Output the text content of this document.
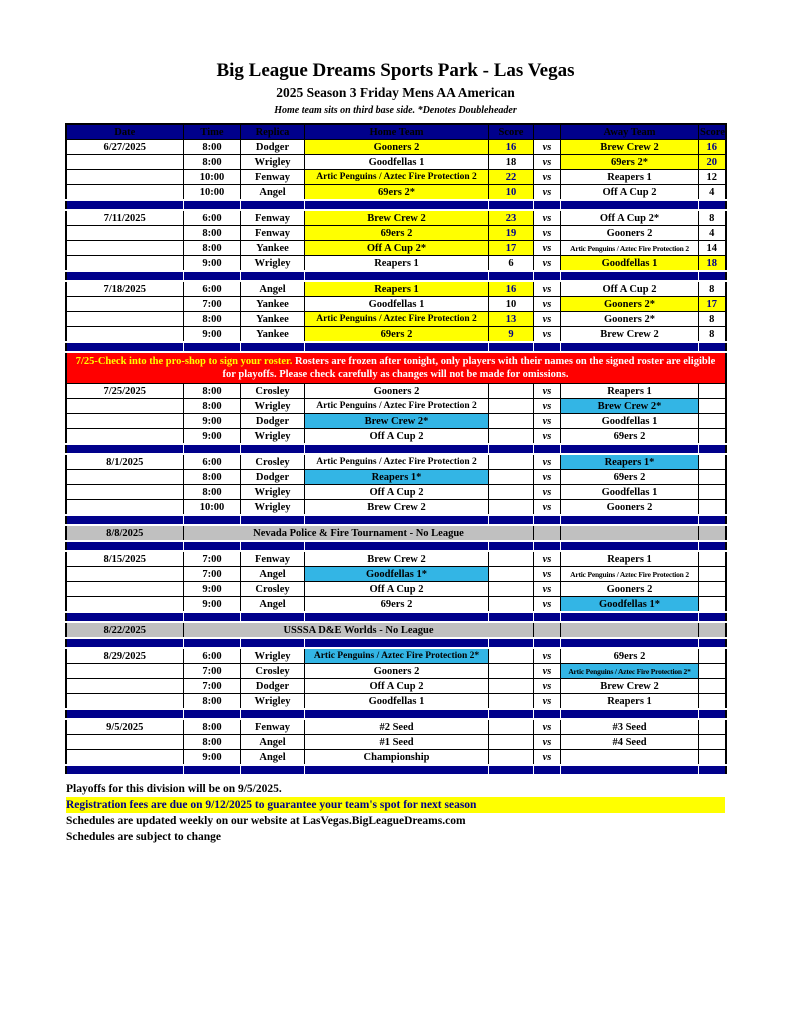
Big League Dreams Sports Park - Las Vegas
2025 Season 3 Friday Mens AA American
Home team sits on third base side. *Denotes Doubleheader
Date	Time	Replica	Home Team	Score		Away Team	Score
6/27/2025	8:00	Dodger	Gooners 2	16	vs	Brew Crew 2	16
	8:00	Wrigley	Goodfellas 1	18	vs	69ers 2*	20
	10:00	Fenway	Artic Penguins / Aztec Fire Protection 2	22	vs	Reapers 1	12
	10:00	Angel	69ers 2*	10	vs	Off A Cup 2	4

7/11/2025	6:00	Fenway	Brew Crew 2	23	vs	Off A Cup 2*	8
	8:00	Fenway	69ers 2	19	vs	Gooners 2	4
	8:00	Yankee	Off A Cup 2*	17	vs	Artic Penguins / Aztec Fire Protection 2	14
	9:00	Wrigley	Reapers 1	6	vs	Goodfellas 1	18

7/18/2025	6:00	Angel	Reapers 1	16	vs	Off A Cup 2	8
	7:00	Yankee	Goodfellas 1	10	vs	Gooners 2*	17
	8:00	Yankee	Artic Penguins / Aztec Fire Protection 2	13	vs	Gooners 2*	8
	9:00	Yankee	69ers 2	9	vs	Brew Crew 2	8

7/25-Check into the pro-shop to sign your roster. Rosters are frozen after tonight, only players with their names on the signed roster are eligible for playoffs. Please check carefully as changes will not be made for omissions.							
7/25/2025	8:00	Crosley	Gooners 2		vs	Reapers 1	
	8:00	Wrigley	Artic Penguins / Aztec Fire Protection 2		vs	Brew Crew 2*	
	9:00	Dodger	Brew Crew 2*		vs	Goodfellas 1	
	9:00	Wrigley	Off A Cup 2		vs	69ers 2	

8/1/2025	6:00	Crosley	Artic Penguins / Aztec Fire Protection 2		vs	Reapers 1*	
	8:00	Dodger	Reapers 1*		vs	69ers 2	
	8:00	Wrigley	Off A Cup 2		vs	Goodfellas 1	
	10:00	Wrigley	Brew Crew 2		vs	Gooners 2	

8/8/2025	Nevada Police & Fire Tournament - No League						

8/15/2025	7:00	Fenway	Brew Crew 2		vs	Reapers 1	
	7:00	Angel	Goodfellas 1*		vs	Artic Penguins / Aztec Fire Protection 2	
	9:00	Crosley	Off A Cup 2		vs	Gooners 2	
	9:00	Angel	69ers 2		vs	Goodfellas 1*	

8/22/2025	USSSA D&E Worlds - No League						

8/29/2025	6:00	Wrigley	Artic Penguins / Aztec Fire Protection 2*		vs	69ers 2	
	7:00	Crosley	Gooners 2		vs	Artic Penguins / Aztec Fire Protection 2*	
	7:00	Dodger	Off A Cup 2		vs	Brew Crew 2	
	8:00	Wrigley	Goodfellas 1		vs	Reapers 1	

9/5/2025	8:00	Fenway	#2 Seed		vs	#3 Seed	
	8:00	Angel	#1 Seed		vs	#4 Seed	
	9:00	Angel	Championship		vs		

Playoffs for this division will be on 9/5/2025.
Registration fees are due on 9/12/2025 to guarantee your team's spot for next season
Schedules are updated weekly on our website at LasVegas.BigLeagueDreams.com
Schedules are subject to change
